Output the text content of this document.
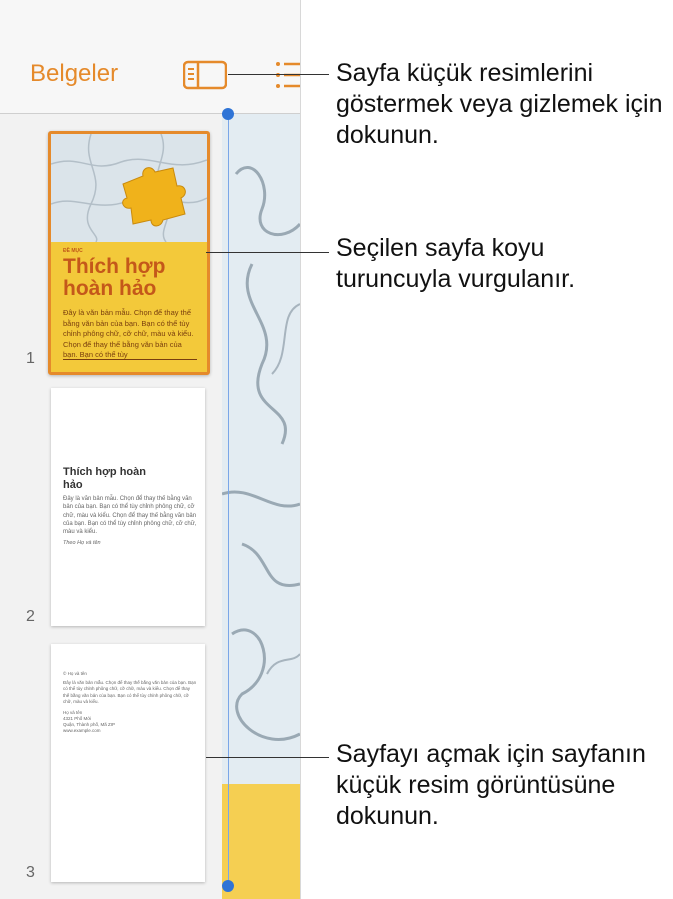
Belgeler
1
ĐỀ MỤC
Thích hợp hoàn hảo
Đây là văn bản mẫu. Chọn để thay thế bằng văn bản của bạn. Bạn có thể tùy chỉnh phông chữ, cỡ chữ, màu và kiểu. Chọn để thay thế bằng văn bản của bạn. Bạn có thể tùy
2
Thích hợp hoàn hảo
Đây là văn bản mẫu. Chọn để thay thế bằng văn bản của bạn. Bạn có thể tùy chỉnh phông chữ, cỡ chữ, màu và kiểu. Chọn để thay thế bằng văn bản của bạn. Bạn có thể tùy chỉnh phông chữ, cỡ chữ, màu và kiểu.
Theo Họ và tên
3
© Họ và tên
Đây là văn bản mẫu. Chọn để thay thế bằng văn bản của bạn. Bạn có thể tùy chỉnh phông chữ, cỡ chữ, màu và kiểu. Chọn để thay thế bằng văn bản của bạn. Bạn có thể tùy chỉnh phông chữ, cỡ chữ, màu và kiểu.
Họ và tên
4321 Phố Mới
Quận, Thành phố, Mã ZIP
www.example.com
Sayfa küçük resimlerini göstermek veya gizlemek için dokunun.
Seçilen sayfa koyu turuncuyla vurgulanır.
Sayfayı açmak için sayfanın küçük resim görüntüsüne dokunun.
